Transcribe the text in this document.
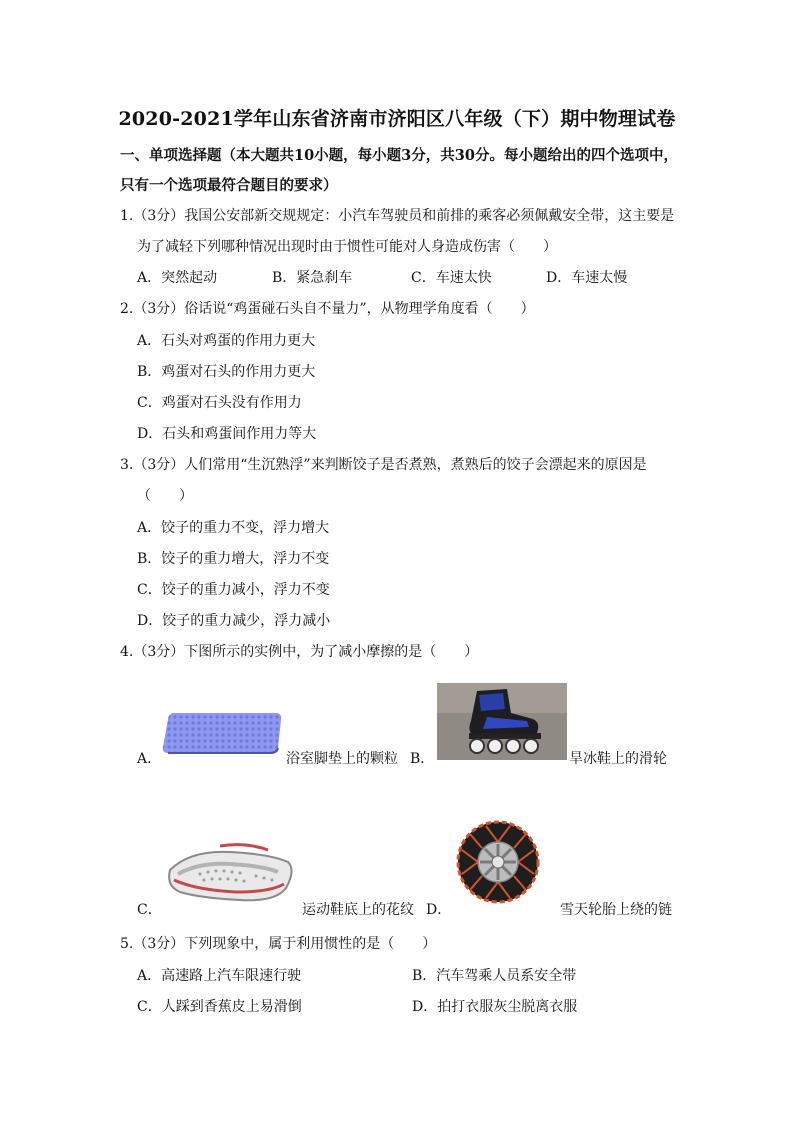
2020-2021学年山东省济南市济阳区八年级（下）期中物理试卷
一、单项选择题（本大题共10小题，每小题3分，共30分。每小题给出的四个选项中，
只有一个选项最符合题目的要求）
1.（3分）我国公安部新交规规定：小汽车驾驶员和前排的乘客必须佩戴安全带，这主要是
为了减轻下列哪种情况出现时由于惯性可能对人身造成伤害（　　）
A．突然起动	B．紧急刹车	C．车速太快	D．车速太慢
2.（3分）俗话说“鸡蛋碰石头自不量力”，从物理学角度看（　　）
A．石头对鸡蛋的作用力更大
B．鸡蛋对石头的作用力更大
C．鸡蛋对石头没有作用力
D．石头和鸡蛋间作用力等大
3.（3分）人们常用“生沉熟浮”来判断饺子是否煮熟，煮熟后的饺子会漂起来的原因是
（　　）
A．饺子的重力不变，浮力增大
B．饺子的重力增大，浮力不变
C．饺子的重力减小，浮力不变
D．饺子的重力减少，浮力减小
4.（3分）下图所示的实例中，为了减小摩擦的是（　　）
A．	浴室脚垫上的颗粒 B．	旱冰鞋上的滑轮
C．	运动鞋底上的花纹 D．	雪天轮胎上绕的链
5.（3分）下列现象中，属于利用惯性的是（　　）
A．高速路上汽车限速行驶	B．汽车驾乘人员系安全带
C．人踩到香蕉皮上易滑倒	D．拍打衣服灰尘脱离衣服
